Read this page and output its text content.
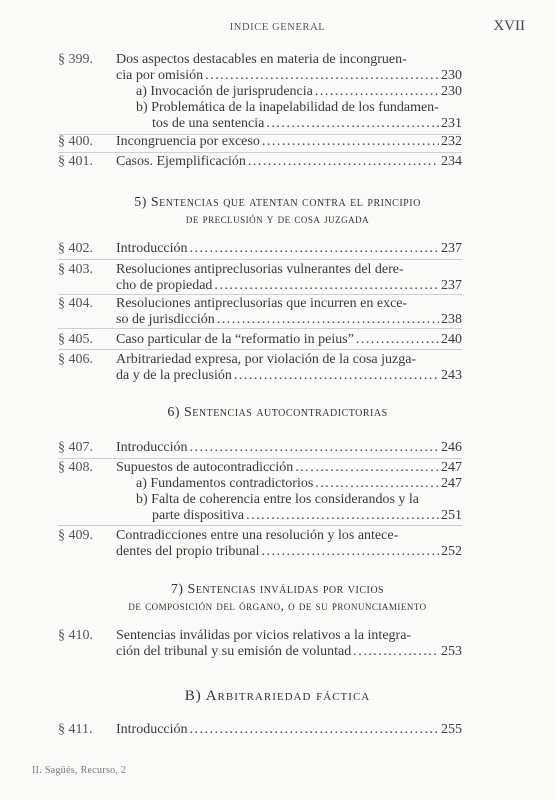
INDICE GENERAL	XVII
§ 399.	Dos aspectos destacables en materia de incongruen-
cia por omisión .....	230
a) Invocación de jurisprudencia .....	230
b) Problemática de la inapelabilidad de los fundamen-
tos de una sentencia .....	231
§ 400.	Incongruencia por exceso .....	232
§ 401.	Casos. Ejemplificación .....	234
5) Sentencias que atentan contra el principio
de preclusión y de cosa juzgada
§ 402.	Introducción .....	237
§ 403.	Resoluciones antipreclusorias vulnerantes del dere-
cho de propiedad .....	237
§ 404.	Resoluciones antipreclusorias que incurren en exce-
so de jurisdicción .....	238
§ 405.	Caso particular de la “reformatio in peius” .....	240
§ 406.	Arbitrariedad expresa, por violación de la cosa juzga-
da y de la preclusión .....	243
6) Sentencias autocontradictorias
§ 407.	Introducción .....	246
§ 408.	Supuestos de autocontradicción .....	247
a) Fundamentos contradictorios .....	247
b) Falta de coherencia entre los considerandos y la
parte dispositiva .....	251
§ 409.	Contradicciones entre una resolución y los antece-
dentes del propio tribunal .....	252
7) Sentencias inválidas por vicios
de composición del órgano, o de su pronunciamiento
§ 410.	Sentencias inválidas por vicios relativos a la integra-
ción del tribunal y su emisión de voluntad .....	253
B) Arbitrariedad fáctica
§ 411.	Introducción .....	255
II. Sagüés, Recurso, 2
